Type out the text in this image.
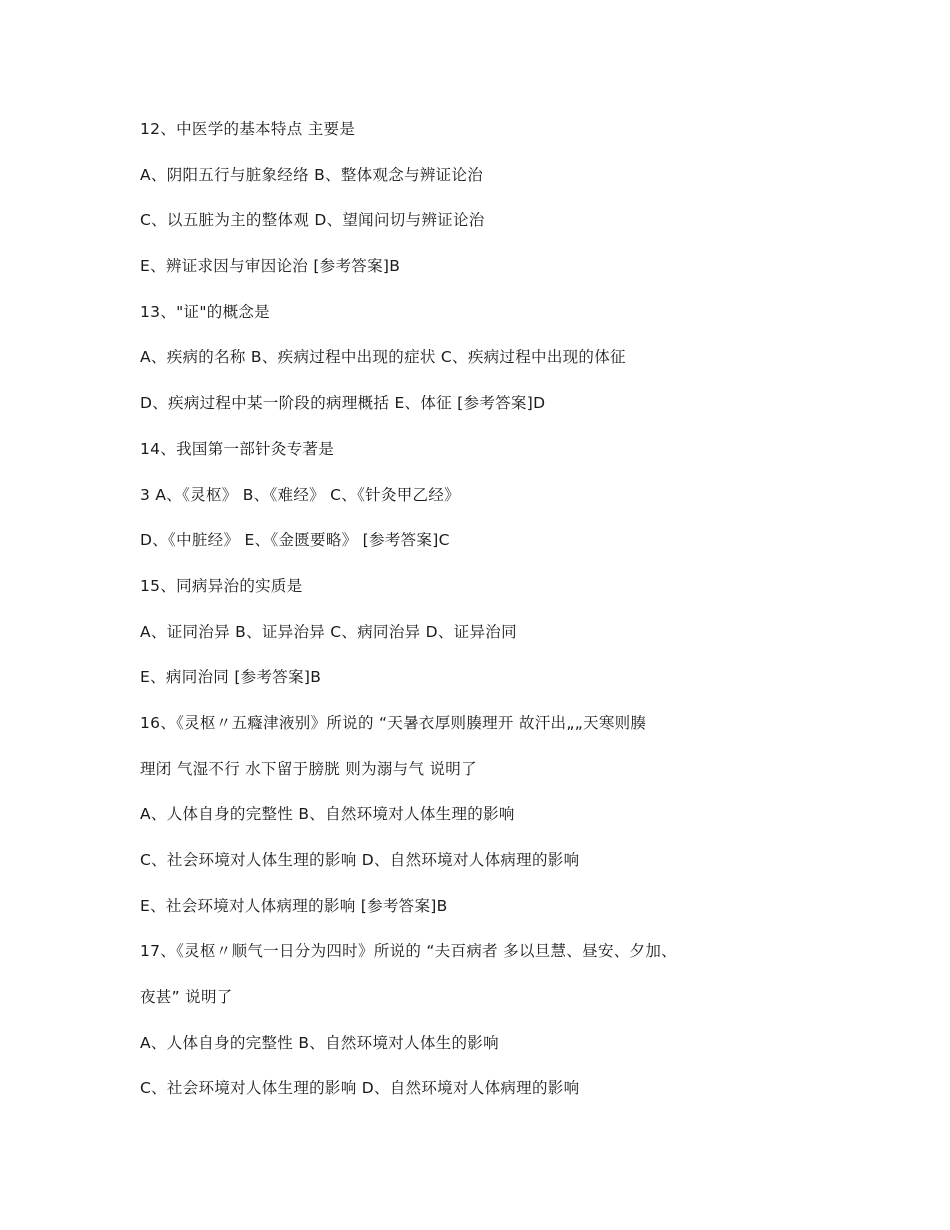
12、中医学的基本特点 主要是
A、阴阳五行与脏象经络 B、整体观念与辨证论治
C、以五脏为主的整体观 D、望闻问切与辨证论治
E、辨证求因与审因论治 [参考答案]B
13、"证"的概念是
A、疾病的名称 B、疾病过程中出现的症状 C、疾病过程中出现的体征
D、疾病过程中某一阶段的病理概括 E、体征 [参考答案]D
14、我国第一部针灸专著是
3 A、《灵枢》 B、《难经》 C、《针灸甲乙经》
D、《中脏经》 E、《金匮要略》 [参考答案]C
15、同病异治的实质是
A、证同治异 B、证异治异 C、病同治异 D、证异治同
E、病同治同 [参考答案]B
16、《灵枢〃五癃津液别》所说的 “天暑衣厚则腠理开 故汗出„„天寒则腠
理闭 气湿不行 水下留于膀胱 则为溺与气 说明了
A、人体自身的完整性 B、自然环境对人体生理的影响
C、社会环境对人体生理的影响 D、自然环境对人体病理的影响
E、社会环境对人体病理的影响 [参考答案]B
17、《灵枢〃顺气一日分为四时》所说的 “夫百病者 多以旦慧、昼安、夕加、
夜甚” 说明了
A、人体自身的完整性 B、自然环境对人体生的影响
C、社会环境对人体生理的影响 D、自然环境对人体病理的影响
